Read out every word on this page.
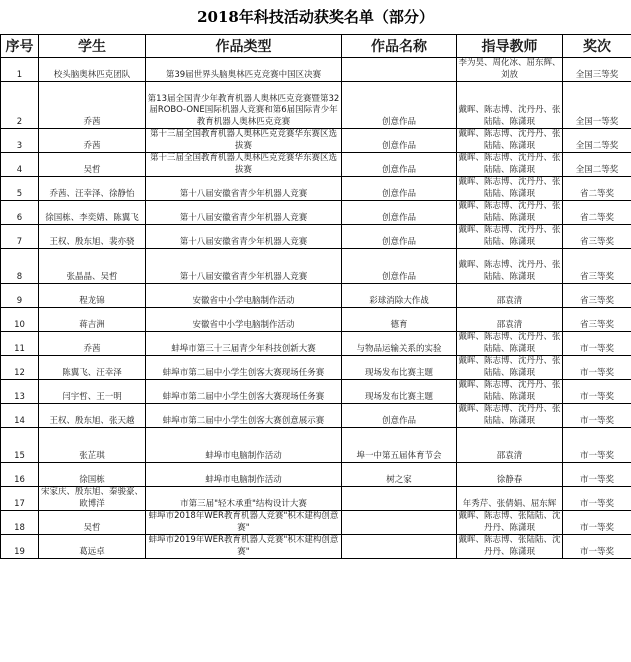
2018年科技活动获奖名单（部分）
序号	学生	作品类型	作品名称	指导教师	奖次
1	校头脑奥林匹克团队	第39届世界头脑奥林匹克竞赛中国区决赛		李为昊、周化冰、屈东辉、刘放	全国三等奖
2	乔茜	第13届全国青少年教育机器人奥林匹克竞赛暨第32届ROBO-ONE国际机器人竞赛和第6届国际青少年教育机器人奥林匹克竞赛	创意作品	戴晖、陈志博、沈丹丹、张陆陆、陈潇珉	全国一等奖
3	乔茜	第十三届全国教育机器人奥林匹克竞赛华东赛区选拔赛	创意作品	戴晖、陈志博、沈丹丹、张陆陆、陈潇珉	全国二等奖
4	吴哲	第十三届全国教育机器人奥林匹克竞赛华东赛区选拔赛	创意作品	戴晖、陈志博、沈丹丹、张陆陆、陈潇珉	全国二等奖
5	乔茜、汪幸泽、徐静怡	第十八届安徽省青少年机器人竞赛	创意作品	戴晖、陈志博、沈丹丹、张陆陆、陈潇珉	省二等奖
6	徐国栋、李奕婧、陈翼飞	第十八届安徽省青少年机器人竞赛	创意作品	戴晖、陈志博、沈丹丹、张陆陆、陈潇珉	省二等奖
7	王权、殷东旭、裴亦骁	第十八届安徽省青少年机器人竞赛	创意作品	戴晖、陈志博、沈丹丹、张陆陆、陈潇珉	省三等奖
8	张晶晶、吴哲	第十八届安徽省青少年机器人竞赛	创意作品	戴晖、陈志博、沈丹丹、张陆陆、陈潇珉	省三等奖
9	程龙锦	安徽省中小学电脑制作活动	彩球消除大作战	邵袁清	省三等奖
10	蒋吉洲	安徽省中小学电脑制作活动	德育	邵袁清	省三等奖
11	乔茜	蚌埠市第三十三届青少年科技创新大赛	与物品运输关系的实验	戴晖、陈志博、沈丹丹、张陆陆、陈潇珉	市一等奖
12	陈翼飞、汪幸泽	蚌埠市第二届中小学生创客大赛现场任务赛	现场发布比赛主题	戴晖、陈志博、沈丹丹、张陆陆、陈潇珉	市一等奖
13	闫宇哲、王一明	蚌埠市第二届中小学生创客大赛现场任务赛	现场发布比赛主题	戴晖、陈志博、沈丹丹、张陆陆、陈潇珉	市一等奖
14	王权、殷东旭、张天越	蚌埠市第二届中小学生创客大赛创意展示赛	创意作品	戴晖、陈志博、沈丹丹、张陆陆、陈潇珉	市一等奖
15	张芷琪	蚌埠市电脑制作活动	埠一中第五届体育节会	邵袁清	市一等奖
16	徐国栋	蚌埠市电脑制作活动	树之家	徐静春	市一等奖
17	宋家庆、殷东旭、秦骏豪、欧博洋	市第三届"轻木承重"结构设计大赛		年秀芹、张倩娟、屈东辉	市一等奖
18	吴哲	蚌埠市2018年WER教育机器人竞赛"积木建构创意赛"		戴晖、陈志博、张陆陆、沈丹丹、陈潇珉	市一等奖
19	葛远卓	蚌埠市2019年WER教育机器人竞赛"积木建构创意赛"		戴晖、陈志博、张陆陆、沈丹丹、陈潇珉	市一等奖
